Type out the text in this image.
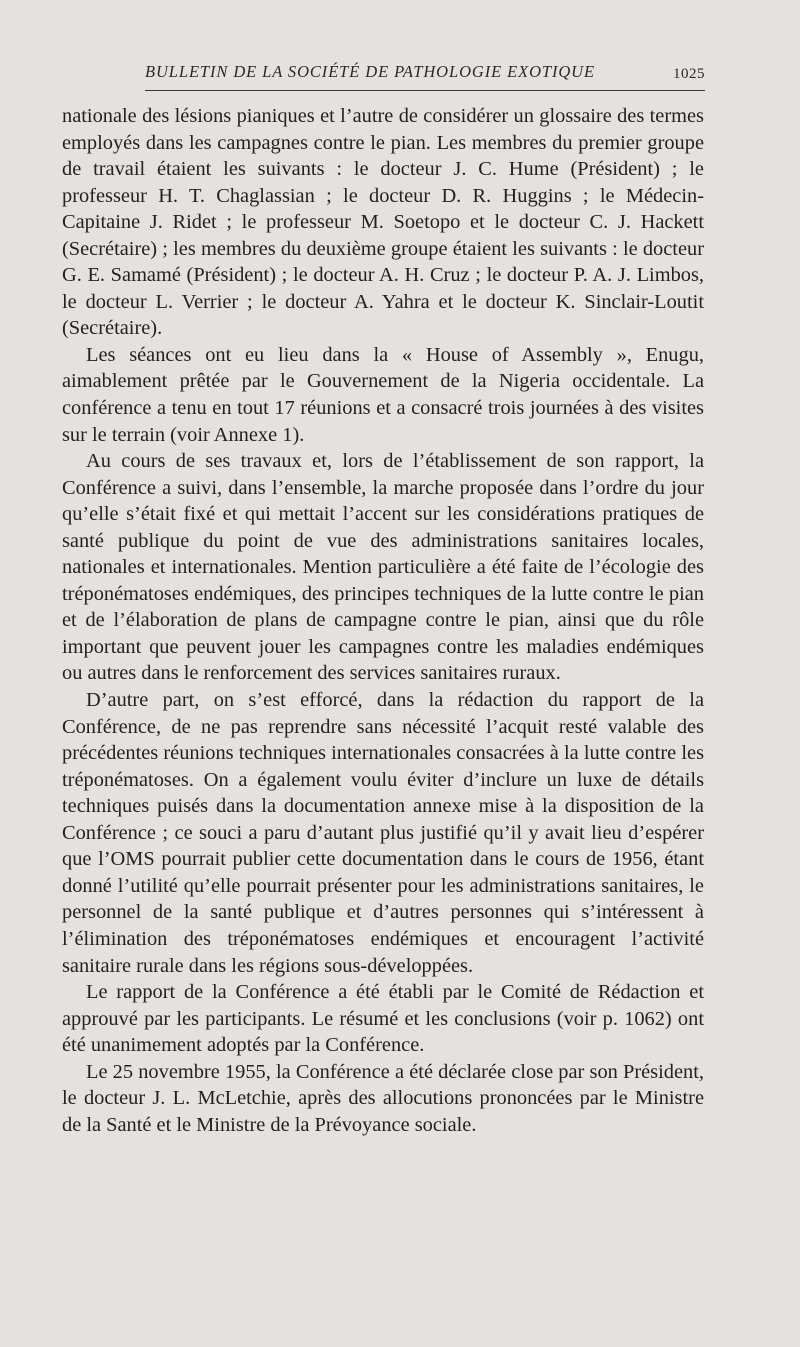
BULLETIN DE LA SOCIÉTÉ DE PATHOLOGIE EXOTIQUE	1025

nationale des lésions pianiques et l’autre de considérer un glossaire des termes employés dans les campagnes contre le pian. Les membres du premier groupe de travail étaient les suivants : le docteur J. C. Hume (Président) ; le professeur H. T. Chaglassian ; le docteur D. R. Huggins ; le Médecin-Capitaine J. Ridet ; le professeur M. Soetopo et le docteur C. J. Hackett (Secrétaire) ; les membres du deuxième groupe étaient les suivants : le docteur G. E. Samamé (Président) ; le docteur A. H. Cruz ; le docteur P. A. J. Limbos, le docteur L. Verrier ; le docteur A. Yahra et le docteur K. Sinclair-Loutit (Secrétaire).

Les séances ont eu lieu dans la « House of Assembly », Enugu, aimablement prêtée par le Gouvernement de la Nigeria occidentale. La conférence a tenu en tout 17 réunions et a consacré trois journées à des visites sur le terrain (voir Annexe 1).

Au cours de ses travaux et, lors de l’établissement de son rapport, la Conférence a suivi, dans l’ensemble, la marche proposée dans l’ordre du jour qu’elle s’était fixé et qui mettait l’accent sur les considérations pratiques de santé publique du point de vue des administrations sanitaires locales, nationales et internationales. Mention particulière a été faite de l’écologie des tréponématoses endémiques, des principes techniques de la lutte contre le pian et de l’élaboration de plans de campagne contre le pian, ainsi que du rôle important que peuvent jouer les campagnes contre les maladies endémiques ou autres dans le renforcement des services sanitaires ruraux.

D’autre part, on s’est efforcé, dans la rédaction du rapport de la Conférence, de ne pas reprendre sans nécessité l’acquit resté valable des précédentes réunions techniques internationales consacrées à la lutte contre les tréponématoses. On a également voulu éviter d’inclure un luxe de détails techniques puisés dans la documentation annexe mise à la disposition de la Conférence ; ce souci a paru d’autant plus justifié qu’il y avait lieu d’espérer que l’OMS pourrait publier cette documentation dans le cours de 1956, étant donné l’utilité qu’elle pourrait présenter pour les administrations sanitaires, le personnel de la santé publique et d’autres personnes qui s’intéressent à l’élimination des tréponématoses endémiques et encouragent l’activité sanitaire rurale dans les régions sous-développées.

Le rapport de la Conférence a été établi par le Comité de Rédaction et approuvé par les participants. Le résumé et les conclusions (voir p. 1062) ont été unanimement adoptés par la Conférence.

Le 25 novembre 1955, la Conférence a été déclarée close par son Président, le docteur J. L. McLetchie, après des allocutions prononcées par le Ministre de la Santé et le Ministre de la Prévoyance sociale.
